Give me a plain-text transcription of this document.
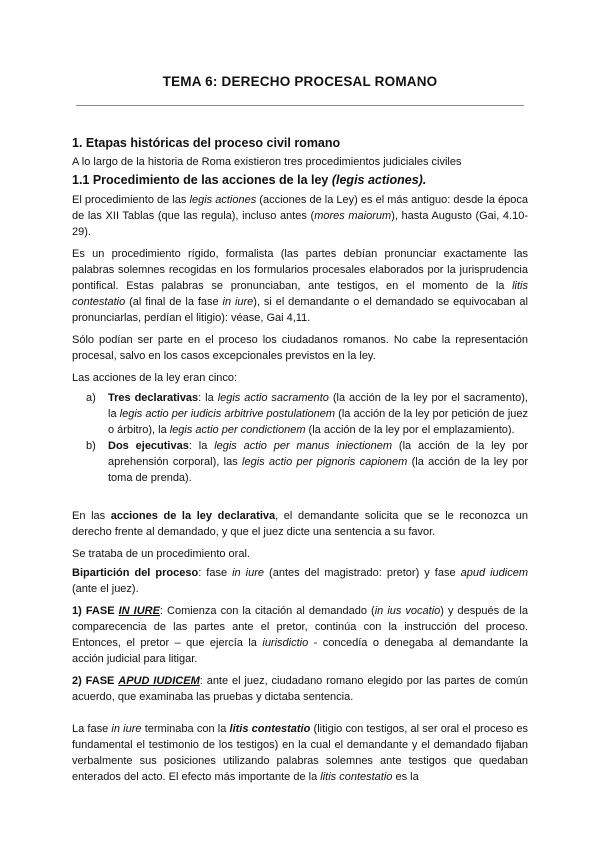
TEMA 6: DERECHO PROCESAL ROMANO
1. Etapas históricas del proceso civil romano

A lo largo de la historia de Roma existieron tres procedimientos judiciales civiles

1.1 Procedimiento de las acciones de la ley (legis actiones).

El procedimiento de las legis actiones (acciones de la Ley) es el más antiguo: desde la época de las XII Tablas (que las regula), incluso antes (mores maiorum), hasta Augusto (Gai, 4.10-29).

Es un procedimiento rígido, formalista (las partes debían pronunciar exactamente las palabras solemnes recogidas en los formularios procesales elaborados por la jurisprudencia pontifical. Estas palabras se pronunciaban, ante testigos, en el momento de la litis contestatio (al final de la fase in iure), si el demandante o el demandado se equivocaban al pronunciarlas, perdían el litigio): véase, Gai 4,11.

Sólo podían ser parte en el proceso los ciudadanos romanos. No cabe la representación procesal, salvo en los casos excepcionales previstos en la ley.

Las acciones de la ley eran cinco:

a) Tres declarativas: la legis actio sacramento (la acción de la ley por el sacramento), la legis actio per iudicis arbitrive postulationem (la acción de la ley por petición de juez o árbitro), la legis actio per condictionem (la acción de la ley por el emplazamiento).
b) Dos ejecutivas: la legis actio per manus iniectionem (la acción de la ley por aprehensión corporal), las legis actio per pignoris capionem (la acción de la ley por toma de prenda).

En las acciones de la ley declarativa, el demandante solicita que se le reconozca un derecho frente al demandado, y que el juez dicte una sentencia a su favor.

Se trataba de un procedimiento oral.

Bipartición del proceso: fase in iure (antes del magistrado: pretor) y fase apud iudicem (ante el juez).

1) FASE IN IURE: Comienza con la citación al demandado (in ius vocatio) y después de la comparecencia de las partes ante el pretor, continúa con la instrucción del proceso. Entonces, el pretor – que ejercía la iurisdictio - concedía o denegaba al demandante la acción judicial para litigar.

2) FASE APUD IUDICEM: ante el juez, ciudadano romano elegido por las partes de común acuerdo, que examinaba las pruebas y dictaba sentencia.

La fase in iure terminaba con la litis contestatio (litigio con testigos, al ser oral el proceso es fundamental el testimonio de los testigos) en la cual el demandante y el demandado fijaban verbalmente sus posiciones utilizando palabras solemnes ante testigos que quedaban enterados del acto. El efecto más importante de la litis contestatio es la
